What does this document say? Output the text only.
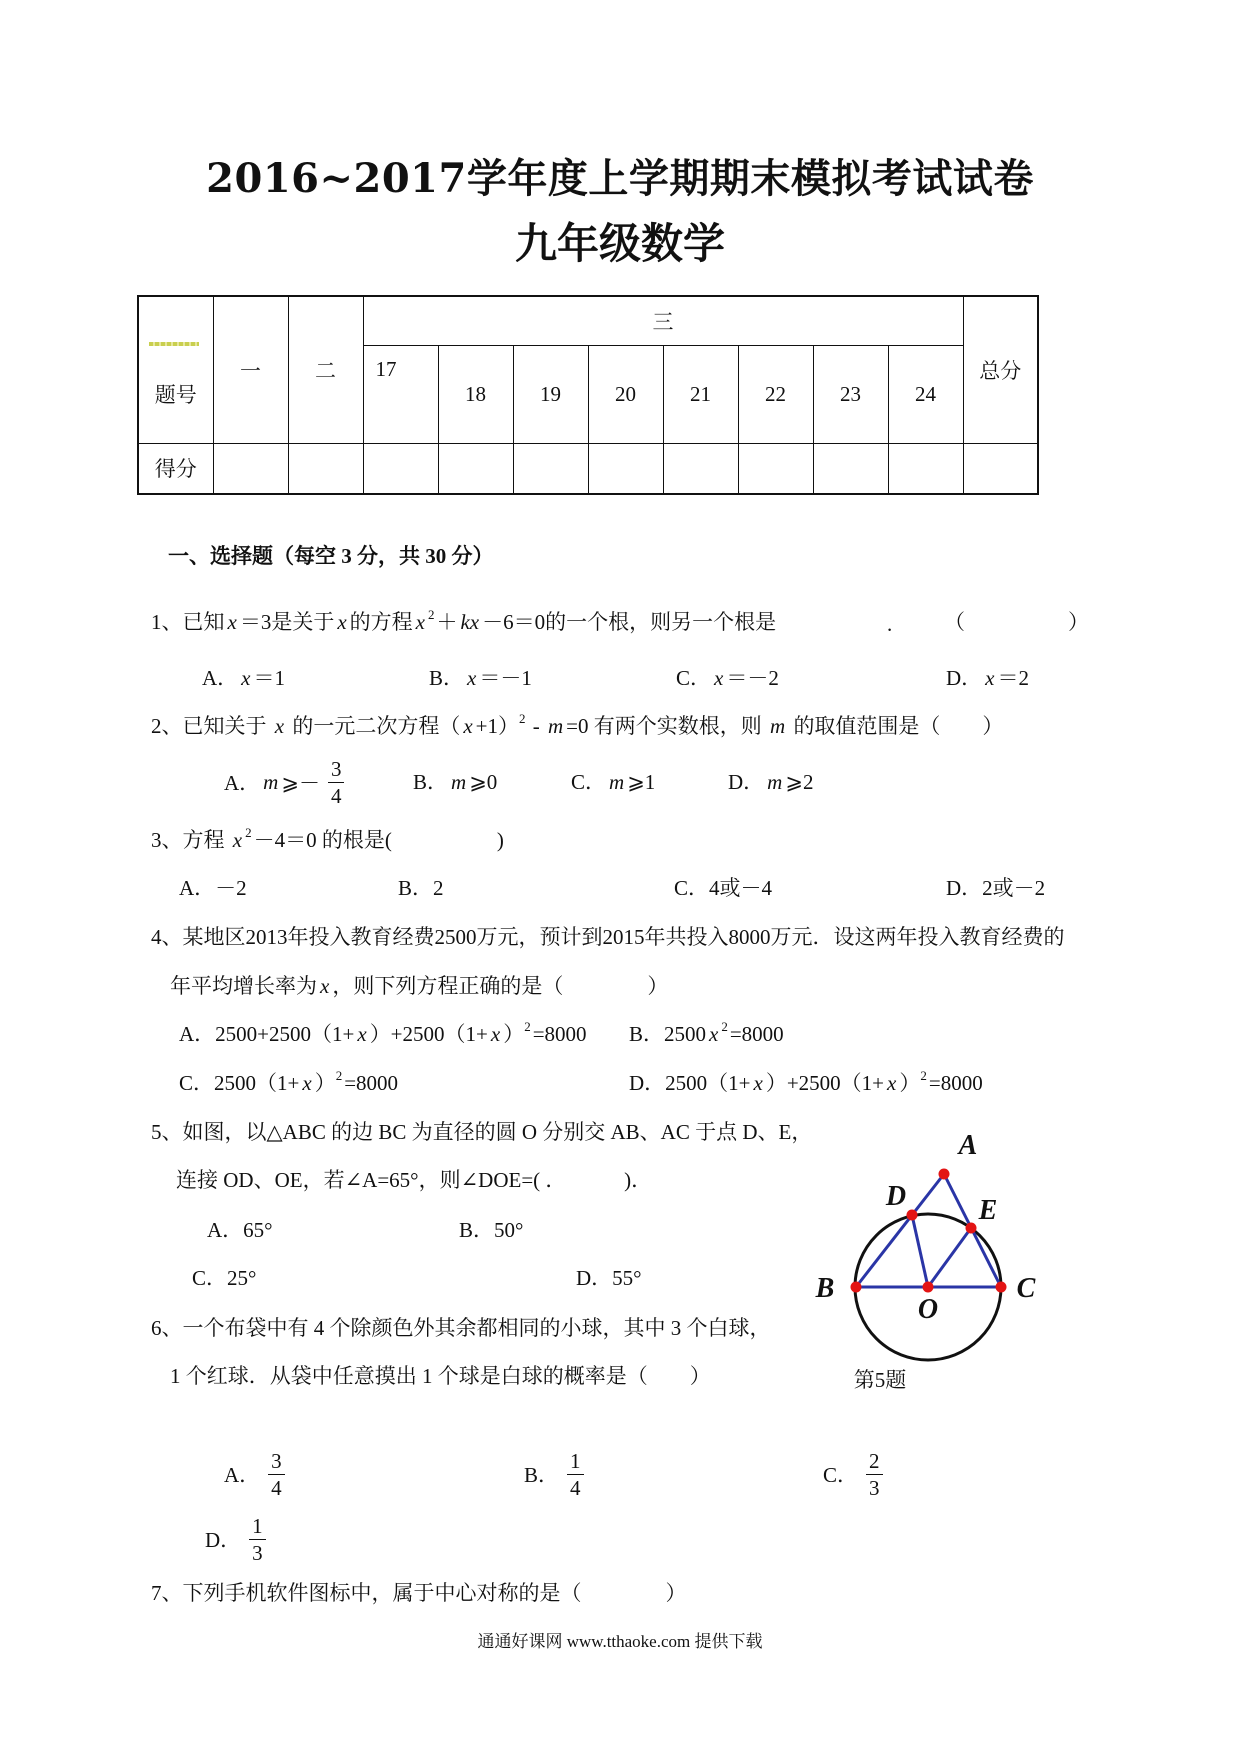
2016~2017学年度上学期期末模拟考试试卷
九年级数学
题号	一	二	三								总分
			17	18	19	20	21	22	23	24	
得分											
一、选择题（每空 3 分，共 30 分）
1、已知 x ＝3是关于 x 的方程 x $^2$＋ kx －6＝0的一个根，则另一个根是	. （	）
A． x ＝1	B． x ＝－1	C． x ＝－2	D． x ＝2
2、已知关于 x 的一元二次方程（ x +1）$^2$ - m =0 有两个实数根，则 m 的取值范围是（　　）
A． m ⩾－ $\frac{3}{4}$	B． m ⩾0	C． m ⩾1	D． m ⩾2
3、方程 x $^2$－4＝0 的根是(　　　　　)
A．－2	B．2	C．4或－4	D．2或－2
4、某地区2013年投入教育经费2500万元，预计到2015年共投入8000万元．设这两年投入教育经费的
年平均增长率为 x ，则下列方程正确的是（　　　　）
A．2500+2500（1+ x ）+2500（1+ x ）$^2$=8000 B．2500 x $^2$=8000
C．2500（1+ x ）$^2$=8000	D．2500（1+ x ）+2500（1+ x ）$^2$=8000
5、如图，以△ABC 的边 BC 为直径的圆 O 分别交 AB、AC 于点 D、E，
连接 OD、OE，若∠A=65°，则∠DOE=( ．　　　 )．
A．65°	B．50°
C．25°	D．55°
A
D	E
B
O
C
第5题
6、一个布袋中有 4 个除颜色外其余都相同的小球，其中 3 个白球，
1 个红球．从袋中任意摸出 1 个球是白球的概率是（　　）
A． $\frac{3}{4}$	B． $\frac{1}{4}$	C． $\frac{2}{3}$
D． $\frac{1}{3}$
7、下列手机软件图标中，属于中心对称的是（　　　　）
通通好课网 www.tthaoke.com 提供下载
